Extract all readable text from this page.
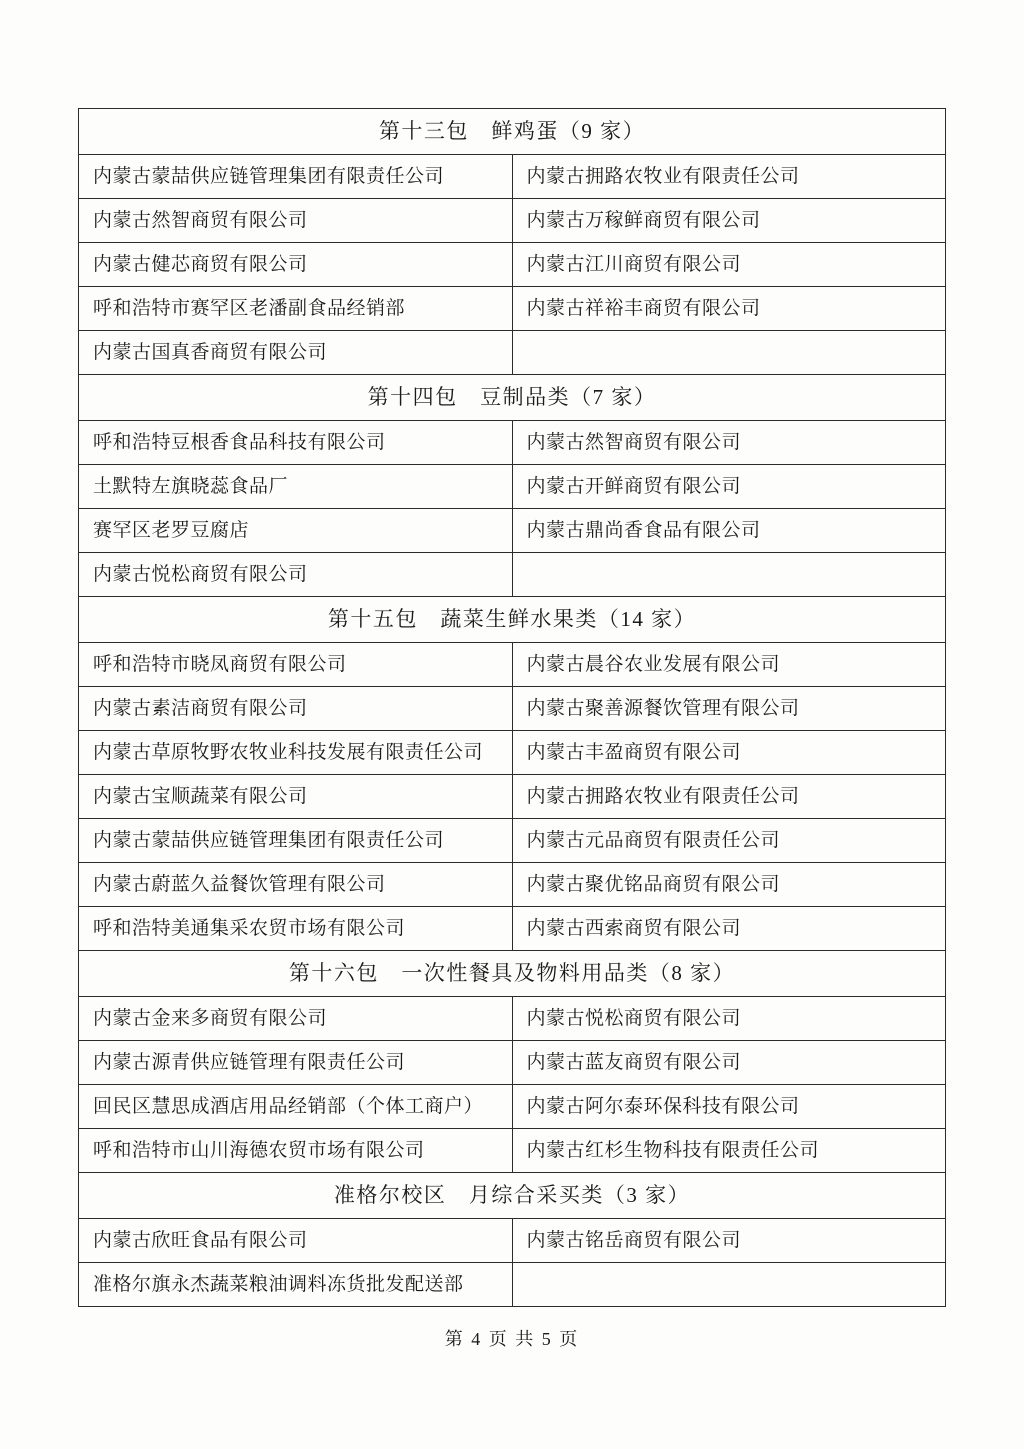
第十三包　鲜鸡蛋（9 家）	
内蒙古蒙喆供应链管理集团有限责任公司	内蒙古拥路农牧业有限责任公司
内蒙古然智商贸有限公司	内蒙古万稼鲜商贸有限公司
内蒙古健芯商贸有限公司	内蒙古江川商贸有限公司
呼和浩特市赛罕区老潘副食品经销部	内蒙古祥裕丰商贸有限公司
内蒙古国真香商贸有限公司	
第十四包　豆制品类（7 家）	
呼和浩特豆根香食品科技有限公司	内蒙古然智商贸有限公司
土默特左旗晓蕊食品厂	内蒙古开鲜商贸有限公司
赛罕区老罗豆腐店	内蒙古鼎尚香食品有限公司
内蒙古悦松商贸有限公司	
第十五包　蔬菜生鲜水果类（14 家）	
呼和浩特市晓凤商贸有限公司	内蒙古晨谷农业发展有限公司
内蒙古素洁商贸有限公司	内蒙古聚善源餐饮管理有限公司
内蒙古草原牧野农牧业科技发展有限责任公司	内蒙古丰盈商贸有限公司
内蒙古宝顺蔬菜有限公司	内蒙古拥路农牧业有限责任公司
内蒙古蒙喆供应链管理集团有限责任公司	内蒙古元品商贸有限责任公司
内蒙古蔚蓝久益餐饮管理有限公司	内蒙古聚优铭品商贸有限公司
呼和浩特美通集采农贸市场有限公司	内蒙古西索商贸有限公司
第十六包　一次性餐具及物料用品类（8 家）	
内蒙古金来多商贸有限公司	内蒙古悦松商贸有限公司
内蒙古源青供应链管理有限责任公司	内蒙古蓝友商贸有限公司
回民区慧思成酒店用品经销部（个体工商户）	内蒙古阿尔泰环保科技有限公司
呼和浩特市山川海德农贸市场有限公司	内蒙古红杉生物科技有限责任公司
准格尔校区　月综合采买类（3 家）	
内蒙古欣旺食品有限公司	内蒙古铭岳商贸有限公司
准格尔旗永杰蔬菜粮油调料冻货批发配送部	
第 4 页 共 5 页
